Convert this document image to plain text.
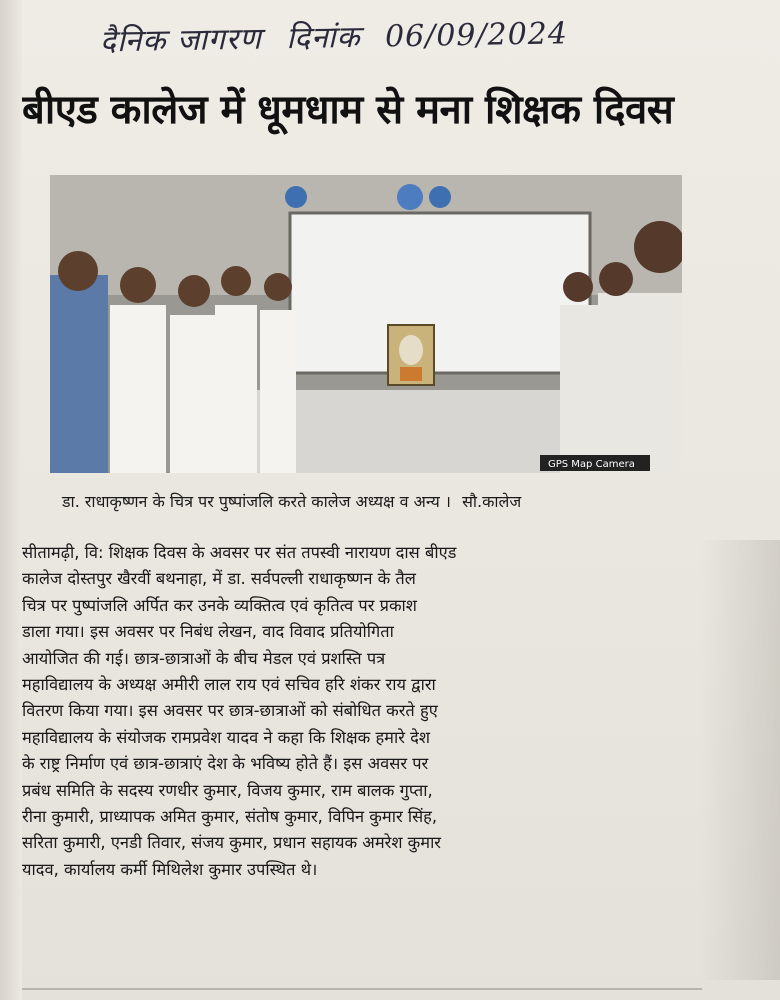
दैनिक जागरण दिनांक 06/09/2024
बीएड कालेज में धूमधाम से मना शिक्षक दिवस
GPS Map Camera
डा. राधाकृष्णन के चित्र पर पुष्पांजलि करते कालेज अध्यक्ष व अन्य । सौ.कालेज
सीतामढ़ी, वि: शिक्षक दिवस के अवसर पर संत तपस्वी नारायण दास बीएड
कालेज दोस्तपुर खैरवीं बथनाहा, में डा. सर्वपल्ली राधाकृष्णन के तैल
चित्र पर पुष्पांजलि अर्पित कर उनके व्यक्तित्व एवं कृतित्व पर प्रकाश
डाला गया। इस अवसर पर निबंध लेखन, वाद विवाद प्रतियोगिता
आयोजित की गई। छात्र-छात्राओं के बीच मेडल एवं प्रशस्ति पत्र
महाविद्यालय के अध्यक्ष अमीरी लाल राय एवं सचिव हरि शंकर राय द्वारा
वितरण किया गया। इस अवसर पर छात्र-छात्राओं को संबोधित करते हुए
महाविद्यालय के संयोजक रामप्रवेश यादव ने कहा कि शिक्षक हमारे देश
के राष्ट्र निर्माण एवं छात्र-छात्राएं देश के भविष्य होते हैं। इस अवसर पर
प्रबंध समिति के सदस्य रणधीर कुमार, विजय कुमार, राम बालक गुप्ता,
रीना कुमारी, प्राध्यापक अमित कुमार, संतोष कुमार, विपिन कुमार सिंह,
सरिता कुमारी, एनडी तिवार, संजय कुमार, प्रधान सहायक अमरेश कुमार
यादव, कार्यालय कर्मी मिथिलेश कुमार उपस्थित थे।
